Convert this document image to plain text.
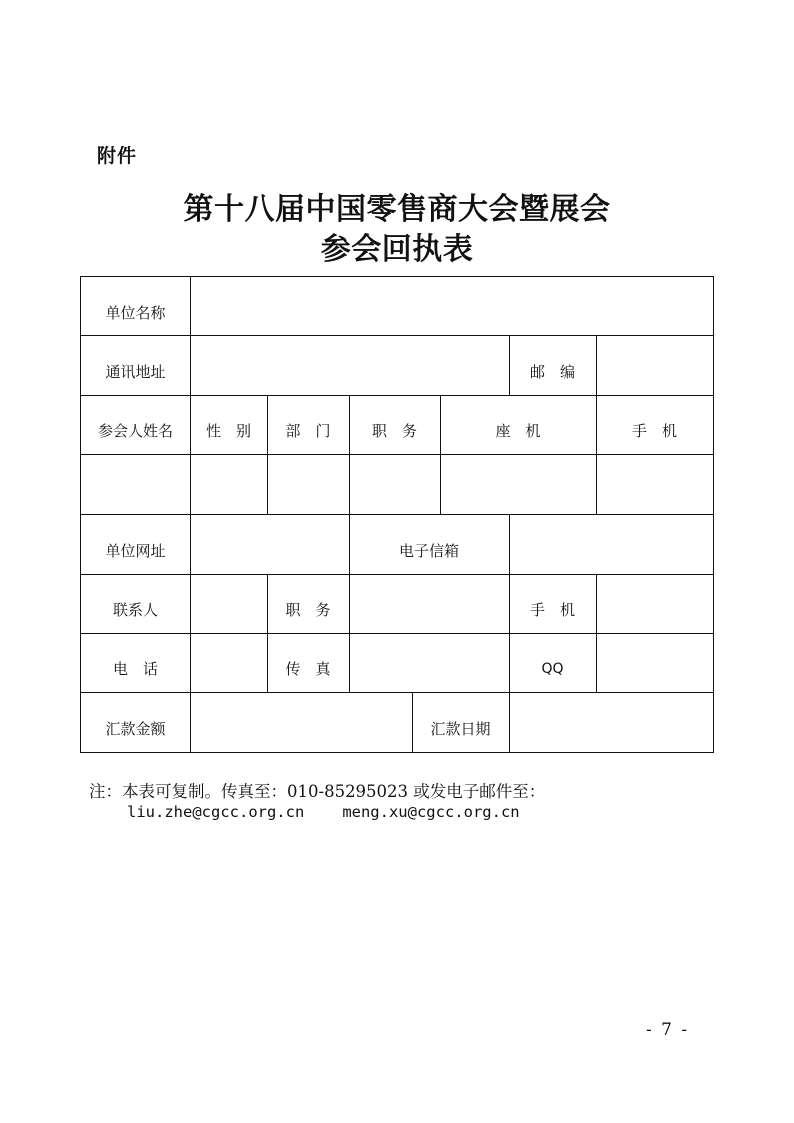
附件
第十八届中国零售商大会暨展会
参会回执表
单位名称
通讯地址	邮　编
参会人姓名	性　别	部　门	职　务	座　机	手　机
单位网址	电子信箱
联系人	职　务	手　机
电　话	传　真	QQ
汇款金额	汇款日期
注：本表可复制。传真至：010-85295023 或发电子邮件至：
liu.zhe@cgcc.org.cn meng.xu@cgcc.org.cn
- 7 -
